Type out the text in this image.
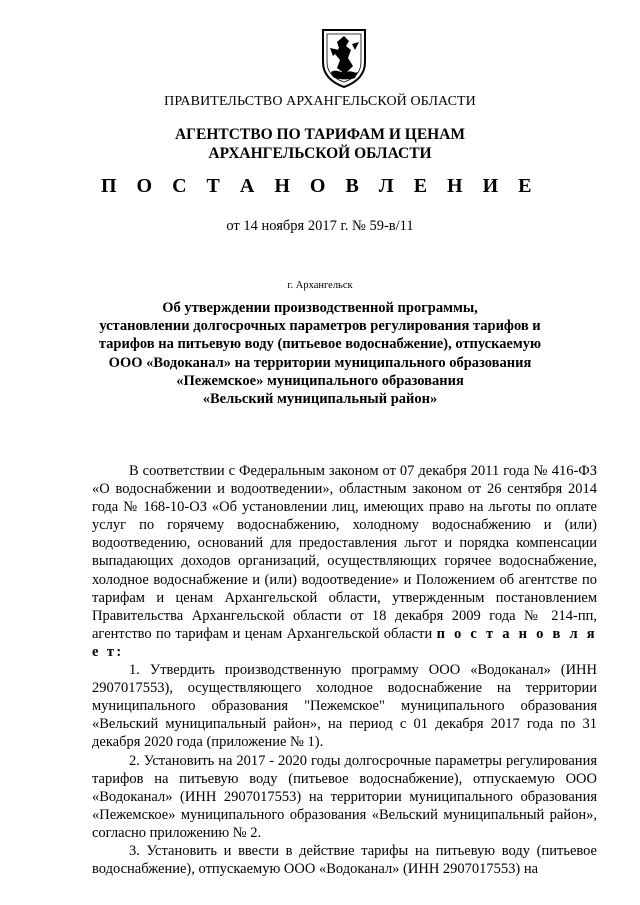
ПРАВИТЕЛЬСТВО АРХАНГЕЛЬСКОЙ ОБЛАСТИ
АГЕНТСТВО ПО ТАРИФАМ И ЦЕНАМ
АРХАНГЕЛЬСКОЙ ОБЛАСТИ
П О С Т А Н О В Л Е Н И Е
от 14 ноября 2017 г. № 59-в/11
г. Архангельск
Об утверждении производственной программы,
установлении долгосрочных параметров регулирования тарифов и
тарифов на питьевую воду (питьевое водоснабжение), отпускаемую
ООО «Водоканал» на территории муниципального образования
«Пежемское» муниципального образования
«Вельский муниципальный район»

В соответствии с Федеральным законом от 07 декабря 2011 года № 416-ФЗ «О водоснабжении и водоотведении», областным законом от 26 сентября 2014 года № 168-10-ОЗ «Об установлении лиц, имеющих право на льготы по оплате услуг по горячему водоснабжению, холодному водоснабжению и (или) водоотведению, оснований для предоставления льгот и порядка компенсации выпадающих доходов организаций, осуществляющих горячее водоснабжение, холодное водоснабжение и (или) водоотведение» и Положением об агентстве по тарифам и ценам Архангельской области, утвержденным постановлением Правительства Архангельской области от 18 декабря 2009 года № 214-пп, агентство по тарифам и ценам Архангельской области п о с т а н о в л я е т:

1. Утвердить производственную программу ООО «Водоканал» (ИНН 2907017553), осуществляющего холодное водоснабжение на территории муниципального образования "Пежемское" муниципального образования «Вельский муниципальный район», на период с 01 декабря 2017 года по 31 декабря 2020 года (приложение № 1).

2. Установить на 2017 - 2020 годы долгосрочные параметры регулирования тарифов на питьевую воду (питьевое водоснабжение), отпускаемую ООО «Водоканал» (ИНН 2907017553) на территории муниципального образования «Пежемское» муниципального образования «Вельский муниципальный район», согласно приложению № 2.

3. Установить и ввести в действие тарифы на питьевую воду (питьевое водоснабжение), отпускаемую ООО «Водоканал» (ИНН 2907017553) на
